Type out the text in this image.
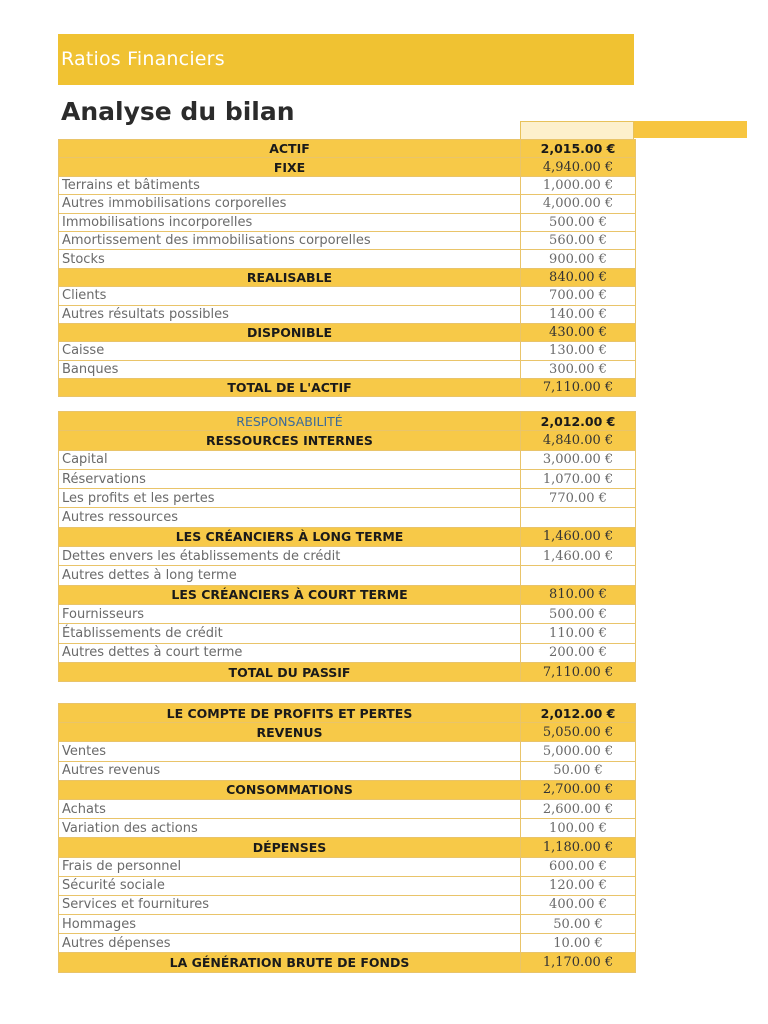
Ratios Financiers
Analyse du bilan
ACTIF	2,015.00 €
FIXE	4,940.00 €
Terrains et bâtiments	1,000.00 €
Autres immobilisations corporelles	4,000.00 €
Immobilisations incorporelles	500.00 €
Amortissement des immobilisations corporelles	560.00 €
Stocks	900.00 €
REALISABLE	840.00 €
Clients	700.00 €
Autres résultats possibles	140.00 €
DISPONIBLE	430.00 €
Caisse	130.00 €
Banques	300.00 €
TOTAL DE L'ACTIF	7,110.00 €
RESPONSABILITÉ	2,012.00 €
RESSOURCES INTERNES	4,840.00 €
Capital	3,000.00 €
Réservations	1,070.00 €
Les profits et les pertes	770.00 €
Autres ressources	
LES CRÉANCIERS À LONG TERME	1,460.00 €
Dettes envers les établissements de crédit	1,460.00 €
Autres dettes à long terme	
LES CRÉANCIERS À COURT TERME	810.00 €
Fournisseurs	500.00 €
Établissements de crédit	110.00 €
Autres dettes à court terme	200.00 €
TOTAL DU PASSIF	7,110.00 €
LE COMPTE DE PROFITS ET PERTES	2,012.00 €
REVENUS	5,050.00 €
Ventes	5,000.00 €
Autres revenus	50.00 €
CONSOMMATIONS	2,700.00 €
Achats	2,600.00 €
Variation des actions	100.00 €
DÉPENSES	1,180.00 €
Frais de personnel	600.00 €
Sécurité sociale	120.00 €
Services et fournitures	400.00 €
Hommages	50.00 €
Autres dépenses	10.00 €
LA GÉNÉRATION BRUTE DE FONDS	1,170.00 €
